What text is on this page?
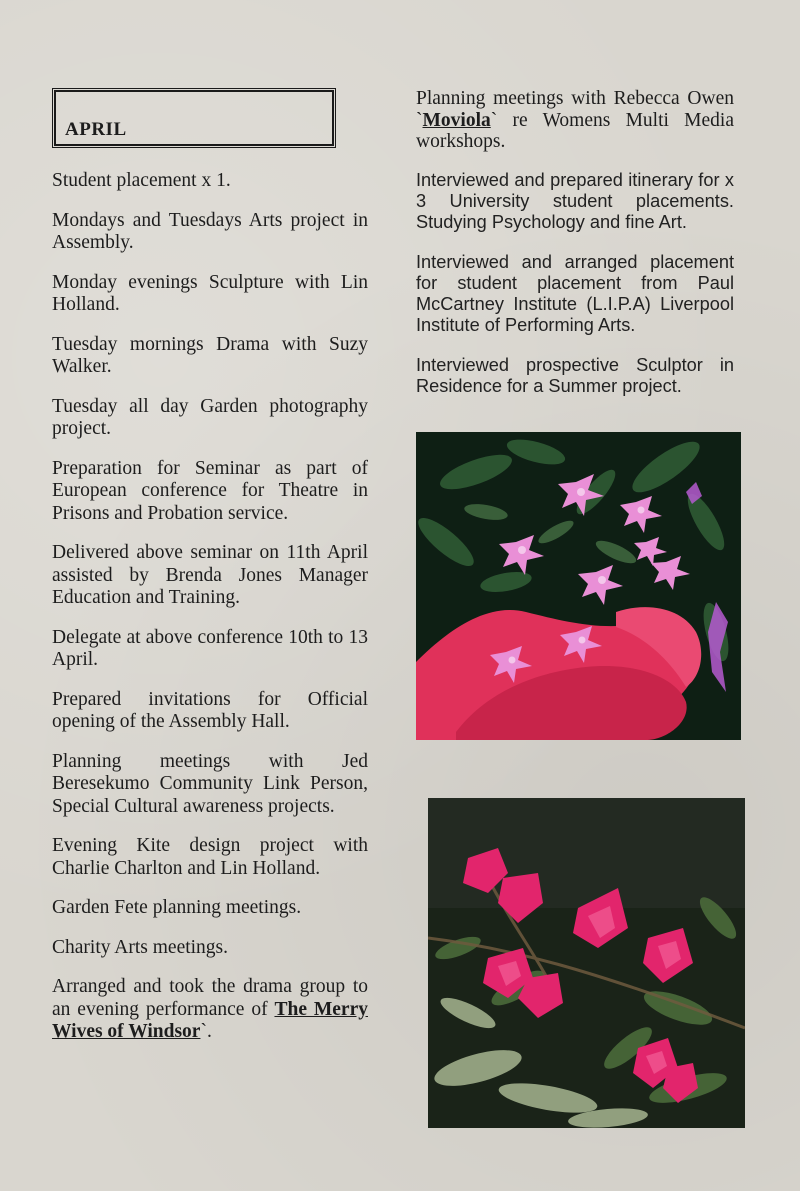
APRIL

Student placement x 1.

Mondays and Tuesdays Arts project in Assembly.

Monday evenings Sculpture with Lin Holland.

Tuesday mornings Drama with Suzy Walker.

Tuesday all day Garden photography project.

Preparation for Seminar as part of European conference for Theatre in Prisons and Probation service.

Delivered above seminar on 11th April assisted by Brenda Jones Manager Education and Training.

Delegate at above conference 10th to 13 April.

Prepared invitations for Official opening of the Assembly Hall.

Planning meetings with Jed Beresekumo Community Link Person, Special Cultural awareness projects.

Evening Kite design project with Charlie Charlton and Lin Holland.

Garden Fete planning meetings.

Charity Arts meetings.

Arranged and took the drama group to an evening performance of The Merry Wives of Windsor`.

Planning meetings with Rebecca Owen `Moviola` re Womens Multi Media workshops.

Interviewed and prepared itinerary for x 3 University student placements. Studying Psychology and fine Art.

Interviewed and arranged placement for student placement from Paul McCartney Institute (L.I.P.A) Liverpool Institute of Performing Arts.

Interviewed prospective Sculptor in Residence for a Summer project.
